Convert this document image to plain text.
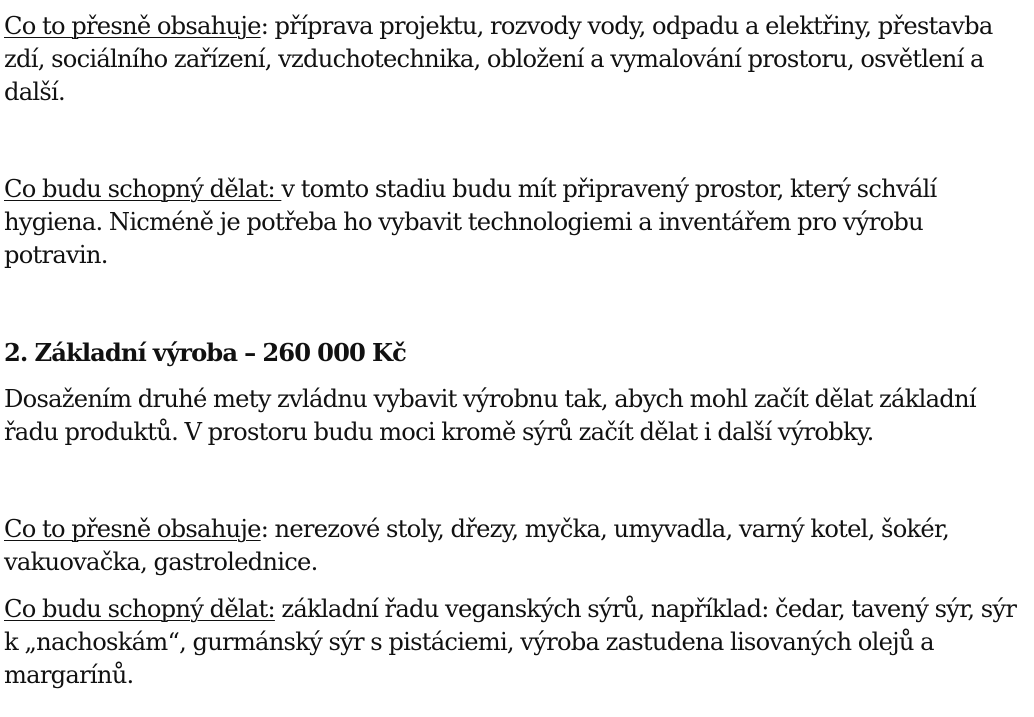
Co to přesně obsahuje: příprava projektu, rozvody vody, odpadu a elektřiny, přestavba zdí, sociálního zařízení, vzduchotechnika, obložení a vymalování prostoru, osvětlení a další.

Co budu schopný dělat: v tomto stadiu budu mít připravený prostor, který schválí hygiena. Nicméně je potřeba ho vybavit technologiemi a inventářem pro výrobu potravin.

2. Základní výroba – 260 000 Kč

Dosažením druhé mety zvládnu vybavit výrobnu tak, abych mohl začít dělat základní řadu produktů. V prostoru budu moci kromě sýrů začít dělat i další výrobky.

Co to přesně obsahuje: nerezové stoly, dřezy, myčka, umyvadla, varný kotel, šokér, vakuovačka, gastrolednice.

Co budu schopný dělat: základní řadu veganských sýrů, například: čedar, tavený sýr, sýr k „nachoskám“, gurmánský sýr s pistáciemi, výroba zastudena lisovaných olejů a margarínů.
